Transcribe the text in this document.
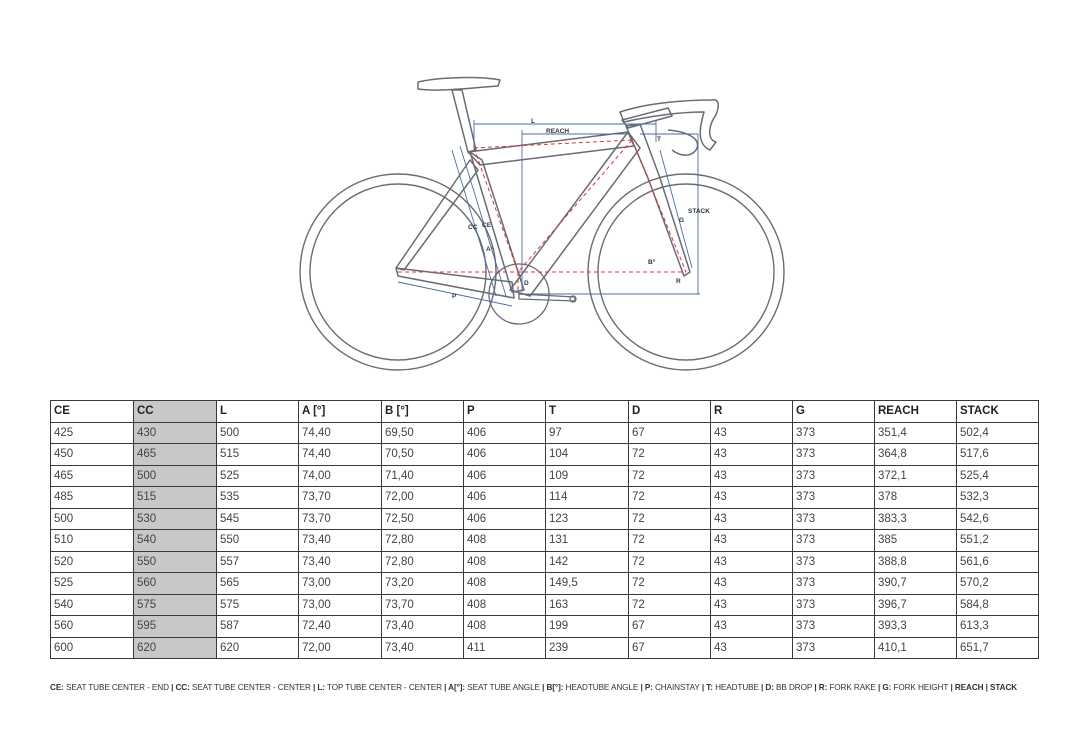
L
REACH
T
STACK
G
CC CE
A°
B°
P
D	R
CE	CC	L	A [°]	B [°]	P	T	D	R	G	REACH	STACK
425	430	500	74,40	69,50	406	97	67	43	373	351,4	502,4
450	465	515	74,40	70,50	406	104	72	43	373	364,8	517,6
465	500	525	74,00	71,40	406	109	72	43	373	372,1	525,4
485	515	535	73,70	72,00	406	114	72	43	373	378	532,3
500	530	545	73,70	72,50	406	123	72	43	373	383,3	542,6
510	540	550	73,40	72,80	408	131	72	43	373	385	551,2
520	550	557	73,40	72,80	408	142	72	43	373	388,8	561,6
525	560	565	73,00	73,20	408	149,5	72	43	373	390,7	570,2
540	575	575	73,00	73,70	408	163	72	43	373	396,7	584,8
560	595	587	72,40	73,40	408	199	67	43	373	393,3	613,3
600	620	620	72,00	73,40	411	239	67	43	373	410,1	651,7
CE: SEAT TUBE CENTER - END | CC: SEAT TUBE CENTER - CENTER | L: TOP TUBE CENTER - CENTER | A[°]: SEAT TUBE ANGLE | B[°]: HEADTUBE ANGLE | P: CHAINSTAY | T: HEADTUBE | D: BB DROP | R: FORK RAKE | G: FORK HEIGHT | REACH | STACK
